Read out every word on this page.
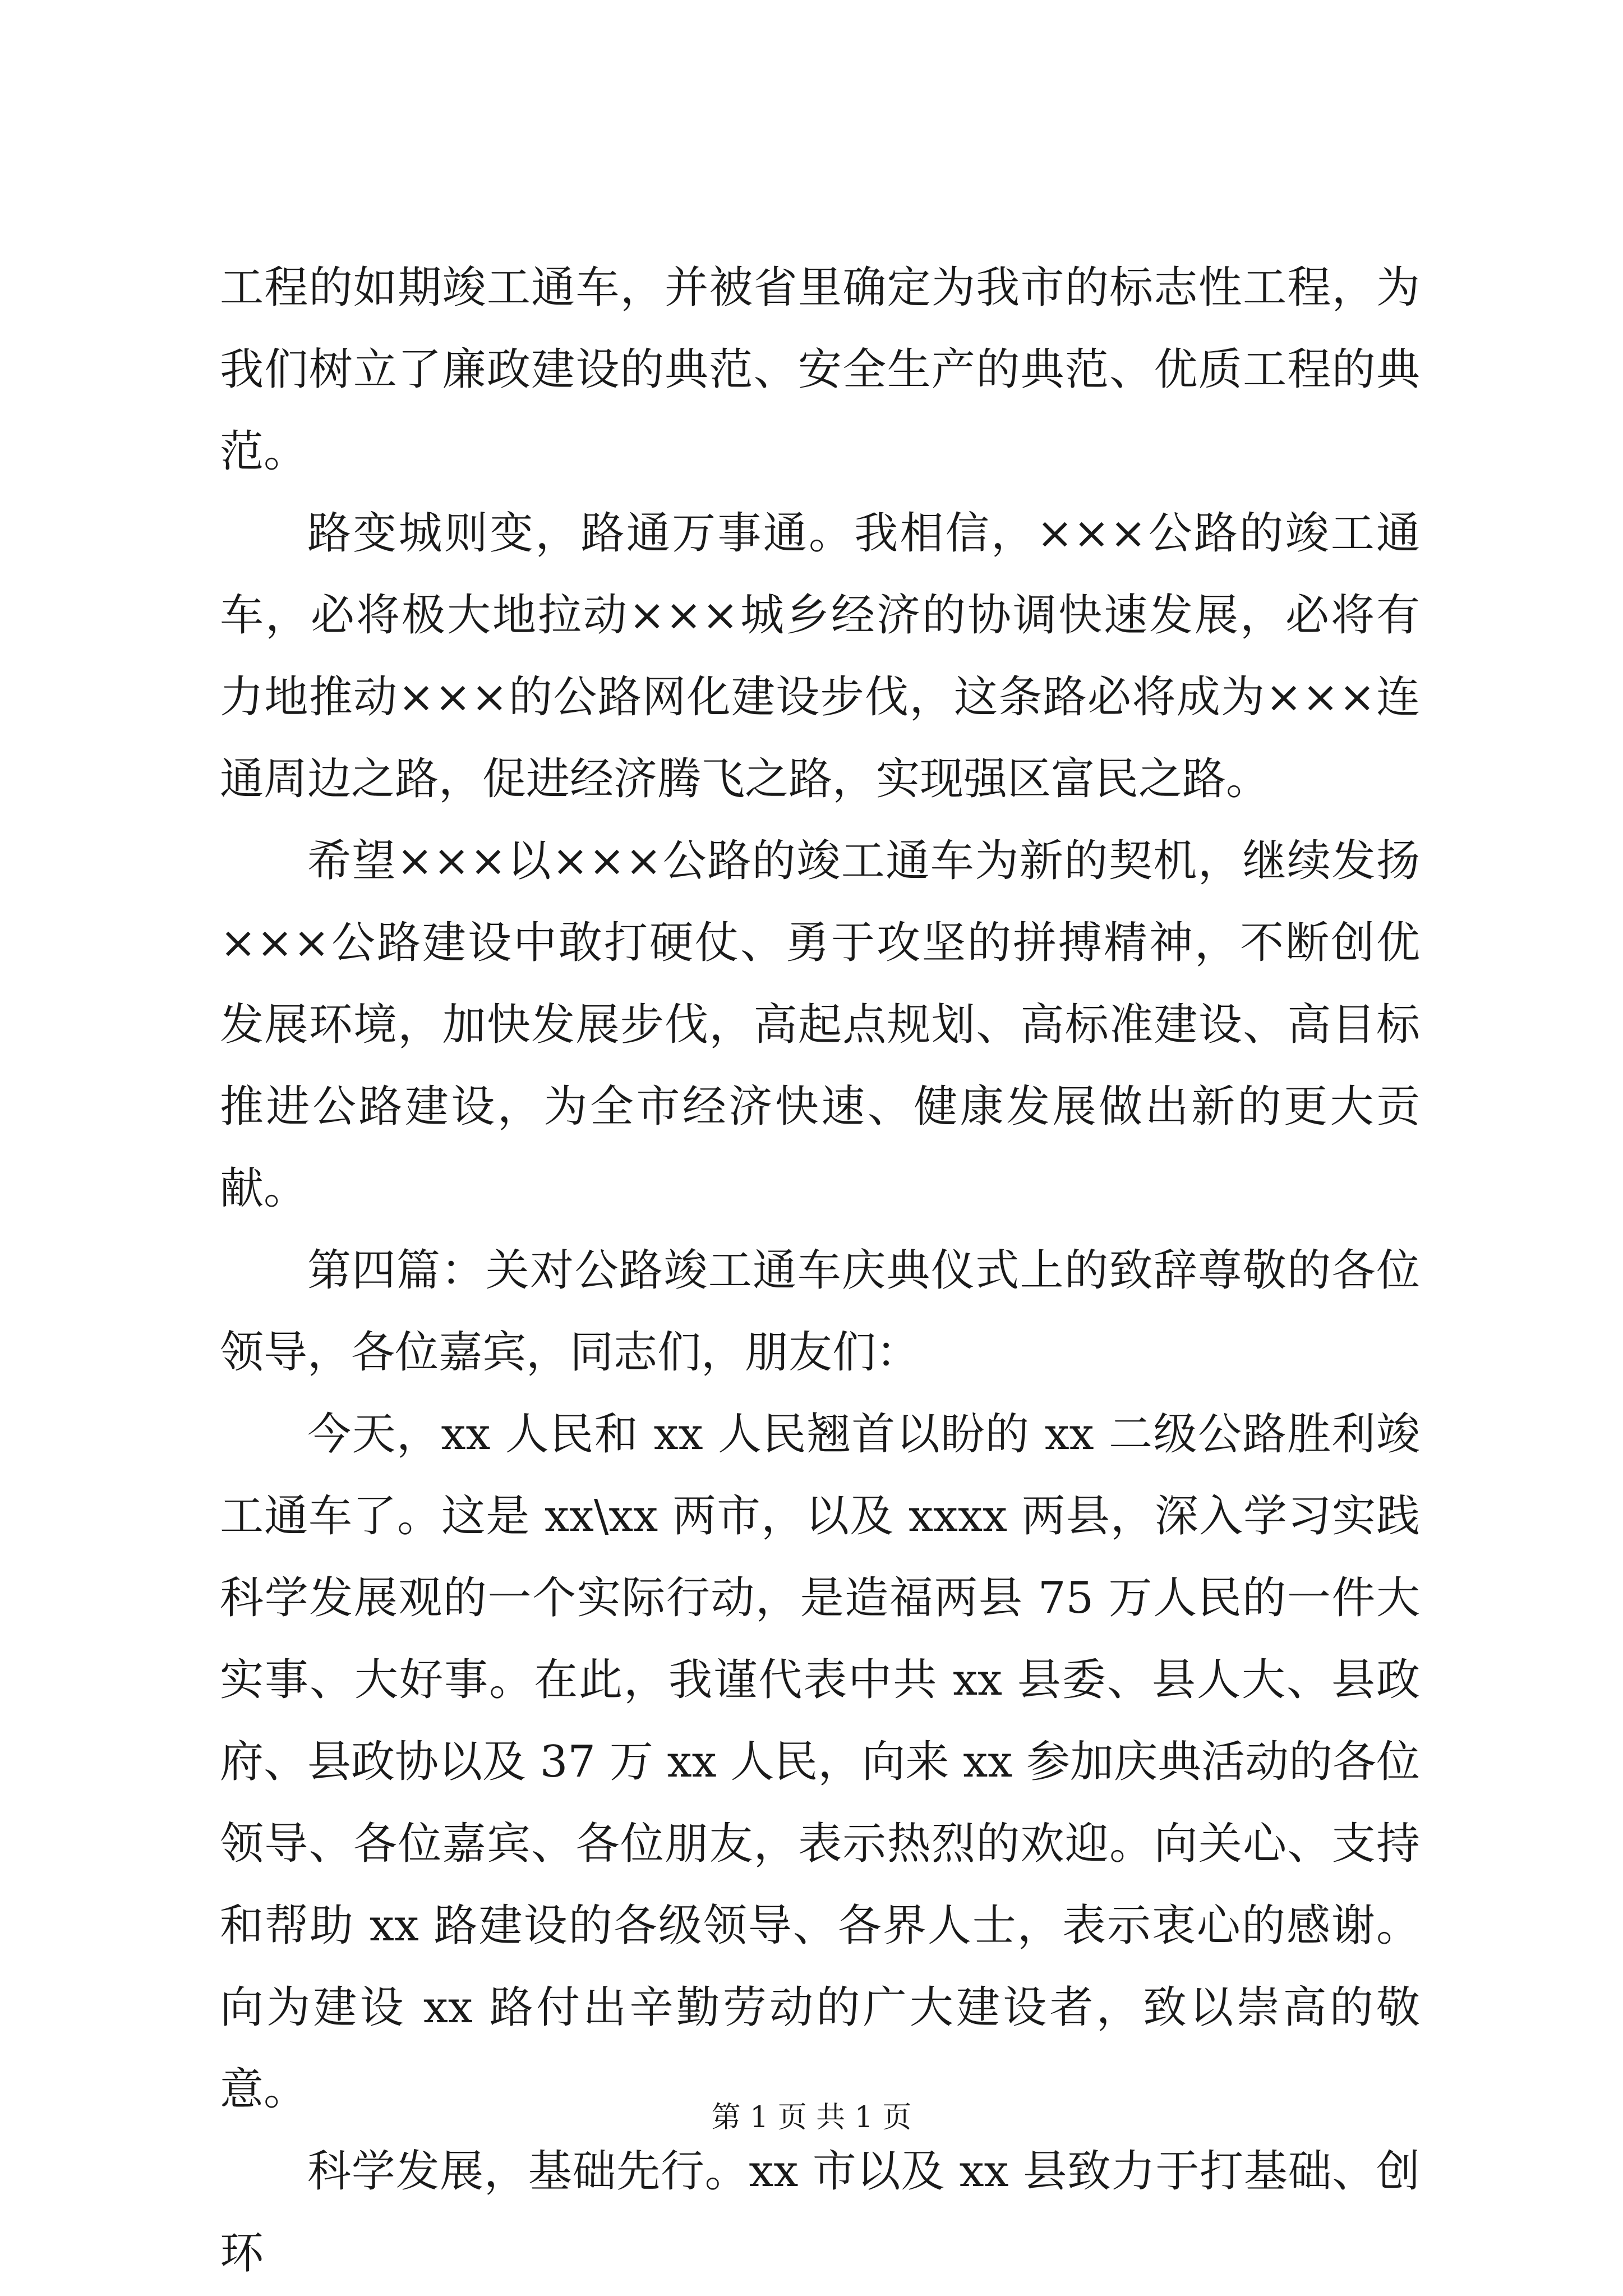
工程的如期竣工通车，并被省里确定为我市的标志性工程，为我们树立了廉政建设的典范、安全生产的典范、优质工程的典范。

路变城则变，路通万事通。我相信，×××公路的竣工通车，必将极大地拉动×××城乡经济的协调快速发展，必将有力地推动×××的公路网化建设步伐，这条路必将成为×××连通周边之路，促进经济腾飞之路，实现强区富民之路。

希望×××以×××公路的竣工通车为新的契机，继续发扬×××公路建设中敢打硬仗、勇于攻坚的拼搏精神，不断创优发展环境，加快发展步伐，高起点规划、高标准建设、高目标推进公路建设，为全市经济快速、健康发展做出新的更大贡献。

第四篇：关对公路竣工通车庆典仪式上的致辞尊敬的各位领导，各位嘉宾，同志们，朋友们：

今天，xx 人民和 xx 人民翘首以盼的 xx 二级公路胜利竣工通车了。这是 xx\xx 两市，以及 xxxx 两县，深入学习实践科学发展观的一个实际行动，是造福两县 75 万人民的一件大实事、大好事。在此，我谨代表中共 xx 县委、县人大、县政府、县政协以及 37 万 xx 人民，向来 xx 参加庆典活动的各位领导、各位嘉宾、各位朋友，表示热烈的欢迎。向关心、支持和帮助 xx 路建设的各级领导、各界人士，表示衷心的感谢。向为建设 xx 路付出辛勤劳动的广大建设者，致以崇高的敬意。

科学发展，基础先行。xx 市以及 xx 县致力于打基础、创环

第 1 页 共 1 页
